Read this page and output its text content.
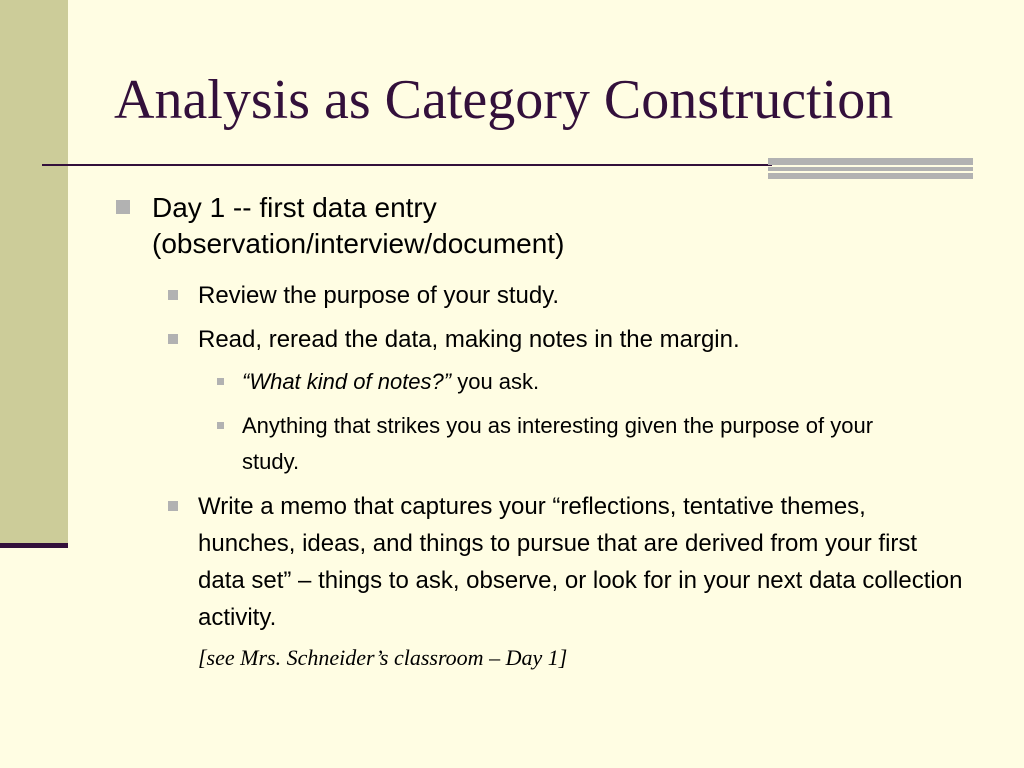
Analysis as Category Construction
Day 1 -- first data entry
(observation/interview/document)
Review the purpose of your study.
Read, reread the data, making notes in the margin.
“What kind of notes?” you ask.
Anything that strikes you as interesting given the purpose of your study.
Write a memo that captures your “reflections, tentative themes, hunches, ideas, and things to pursue that are derived from your first data set” – things to ask, observe, or look for in your next data collection activity.
[see Mrs. Schneider’s classroom – Day 1]
